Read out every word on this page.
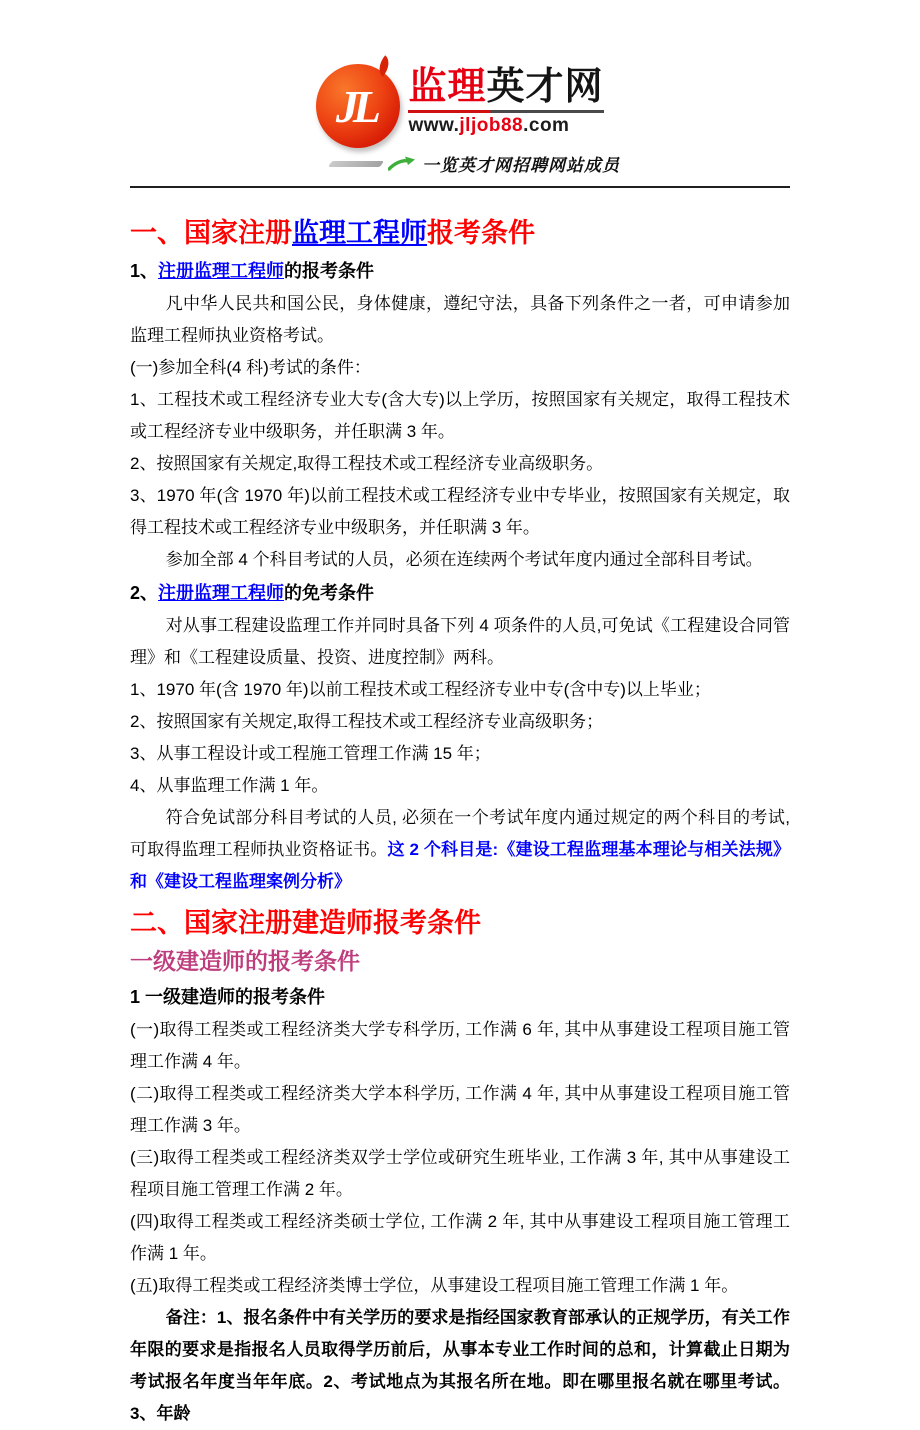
JL 监理英才网
www.jljob88.com
一览英才网招聘网站成员
一、国家注册监理工程师报考条件
1、注册监理工程师的报考条件

凡中华人民共和国公民，身体健康，遵纪守法，具备下列条件之一者，可申请参加监理工程师执业资格考试。

(一)参加全科(4 科)考试的条件：

1、工程技术或工程经济专业大专(含大专)以上学历，按照国家有关规定，取得工程技术或工程经济专业中级职务，并任职满 3 年。

2、按照国家有关规定,取得工程技术或工程经济专业高级职务。

3、1970 年(含 1970 年)以前工程技术或工程经济专业中专毕业，按照国家有关规定，取得工程技术或工程经济专业中级职务，并任职满 3 年。

参加全部 4 个科目考试的人员，必须在连续两个考试年度内通过全部科目考试。

2、注册监理工程师的免考条件

对从事工程建设监理工作并同时具备下列 4 项条件的人员,可免试《工程建设合同管理》和《工程建设质量、投资、进度控制》两科。

1、1970 年(含 1970 年)以前工程技术或工程经济专业中专(含中专)以上毕业；

2、按照国家有关规定,取得工程技术或工程经济专业高级职务；

3、从事工程设计或工程施工管理工作满 15 年；

4、从事监理工作满 1 年。

符合免试部分科目考试的人员, 必须在一个考试年度内通过规定的两个科目的考试, 可取得监理工程师执业资格证书。这 2 个科目是:《建设工程监理基本理论与相关法规》和《建设工程监理案例分析》

二、国家注册建造师报考条件
一级建造师的报考条件
1 一级建造师的报考条件

(一)取得工程类或工程经济类大学专科学历, 工作满 6 年, 其中从事建设工程项目施工管理工作满 4 年。

(二)取得工程类或工程经济类大学本科学历, 工作满 4 年, 其中从事建设工程项目施工管理工作满 3 年。

(三)取得工程类或工程经济类双学士学位或研究生班毕业, 工作满 3 年, 其中从事建设工程项目施工管理工作满 2 年。

(四)取得工程类或工程经济类硕士学位, 工作满 2 年, 其中从事建设工程项目施工管理工作满 1 年。

(五)取得工程类或工程经济类博士学位，从事建设工程项目施工管理工作满 1 年。

备注：1、报名条件中有关学历的要求是指经国家教育部承认的正规学历，有关工作年限的要求是指报名人员取得学历前后，从事本专业工作时间的总和，计算截止日期为考试报名年度当年年底。2、考试地点为其报名所在地。即在哪里报名就在哪里考试。3、年龄
